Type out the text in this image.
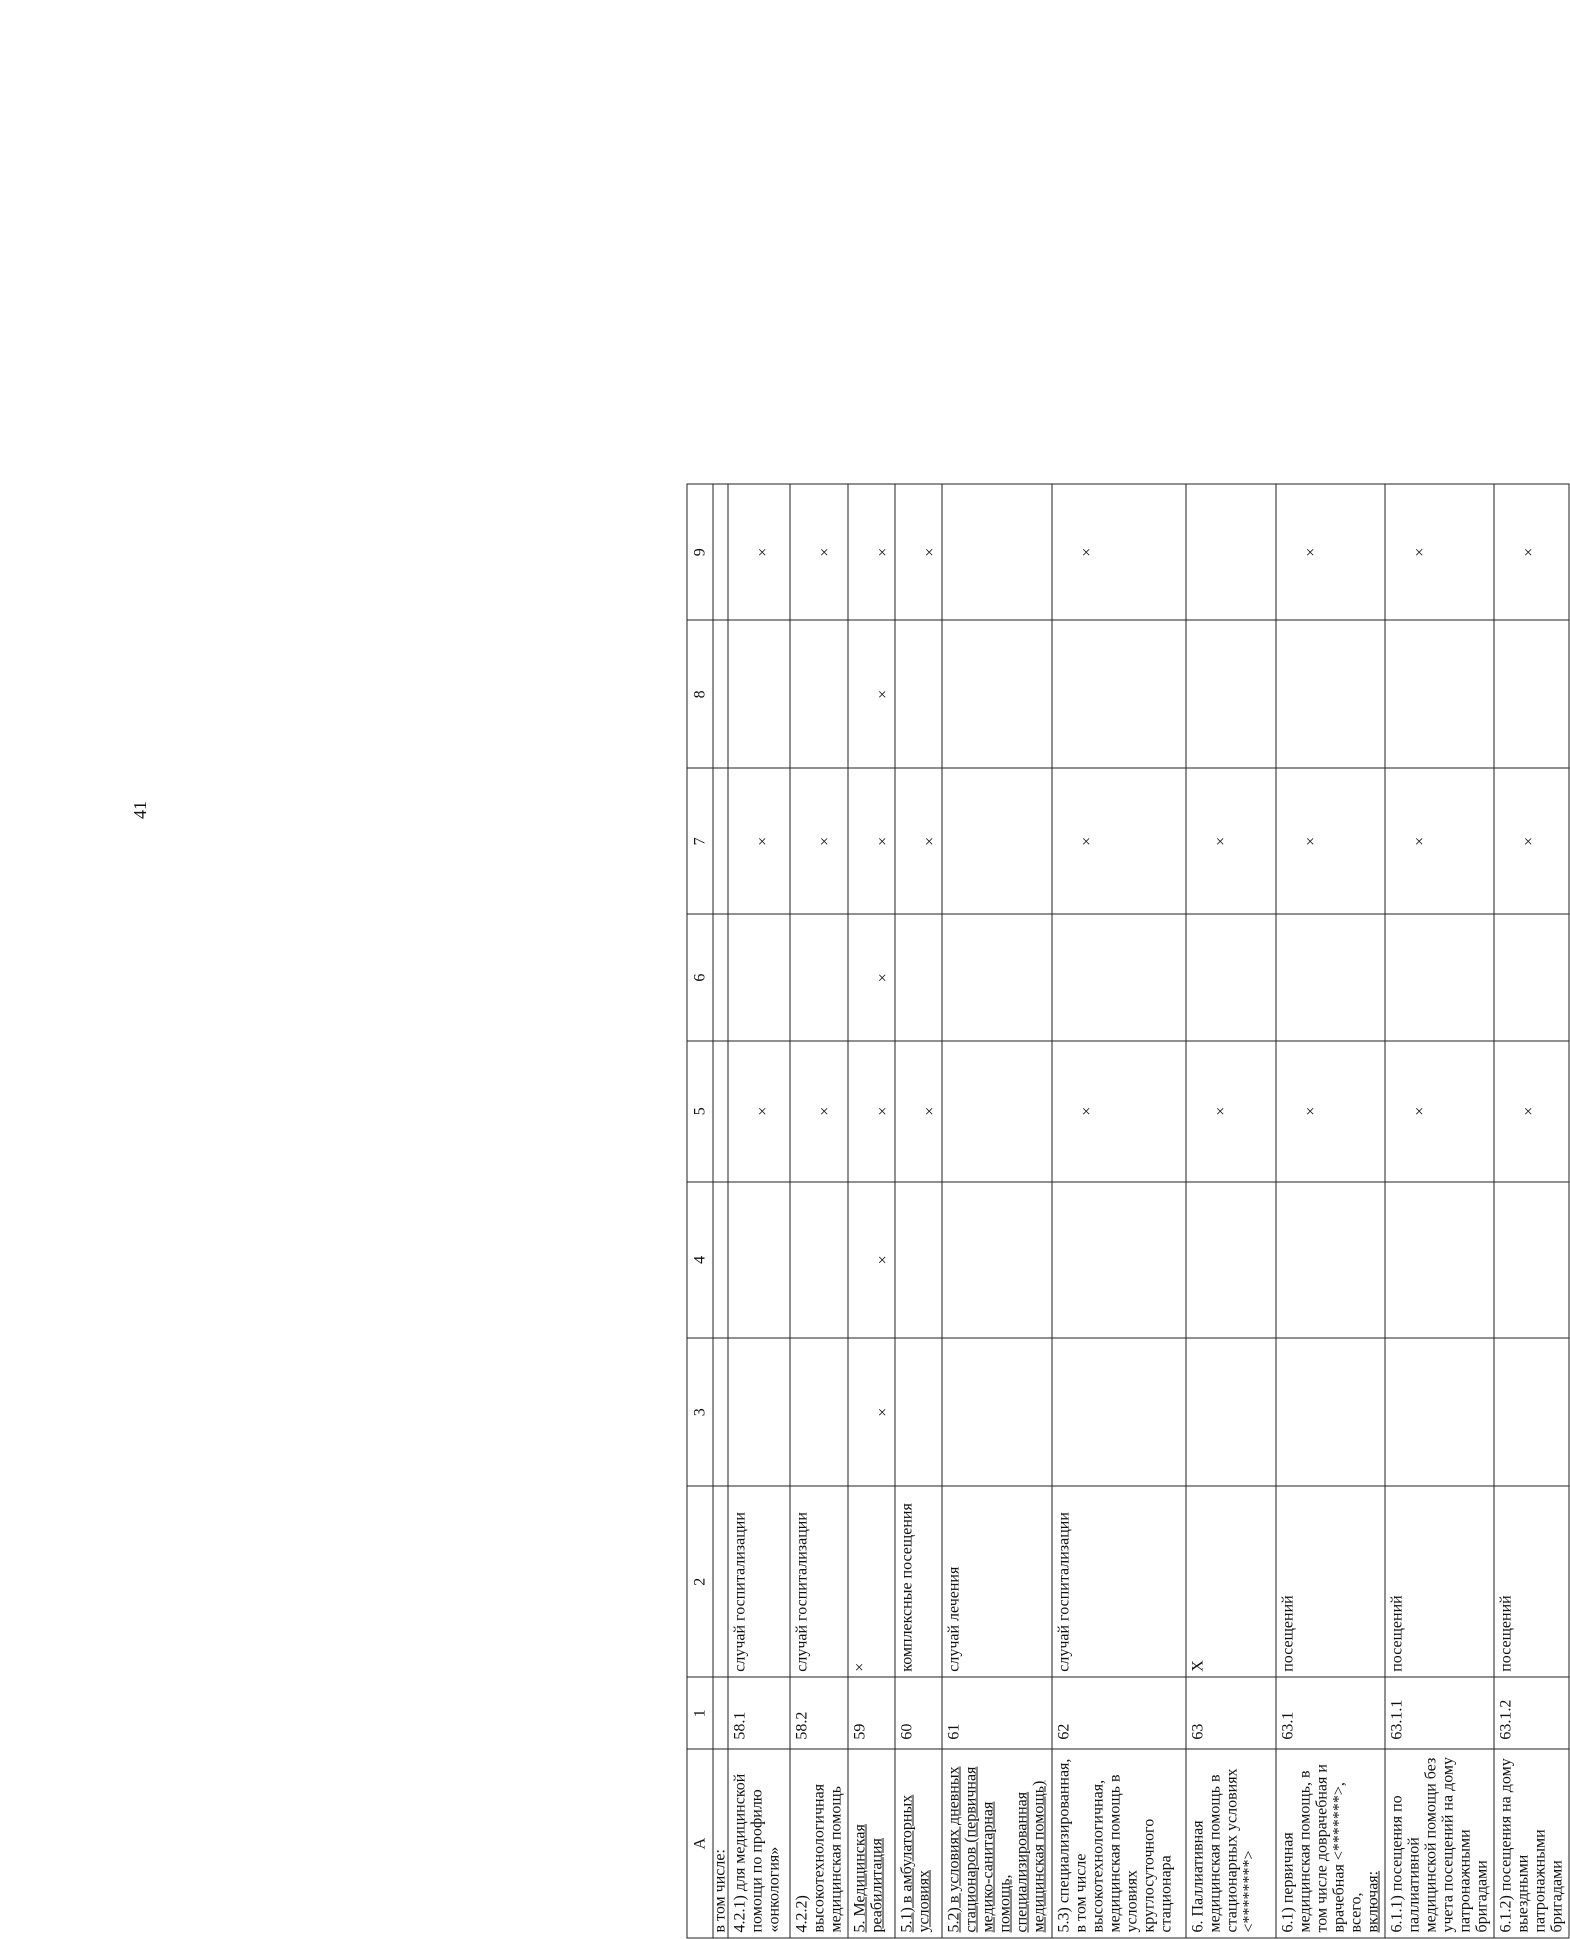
41
А	1	2	3	4	5	6	7	8	9
в том числе:									
4.2.1) для медицинской помощи по профилю «онкология»	58.1	случай госпитализации			×		×		×
4.2.2) высокотехнологичная медицинская помощь	58.2	случай госпитализации			×		×		×
5. Медицинская реабилитация	59	×	×	×	×	×	×	×	×
5.1) в амбулаторных условиях	60	комплексные посещения			×		×		×
5.2) в условиях дневных стационаров (первичная медико-санитарная помощь, специализированная медицинская помощь)	61	случай лечения							
5.3) специализированная, в том числе высокотехнологичная, медицинская помощь в условиях круглосуточного стационара	62	случай госпитализации			×		×		×
6. Паллиативная медицинская помощь в стационарных условиях <********>	63	Х			×		×		
6.1) первичная медицинская помощь, в том числе доврачебная и врачебная <*******>, всего,
включая:	63.1	посещений			×		×		×
6.1.1) посещения по паллиативной медицинской помощи без учета посещений на дому патронажными бригадами	63.1.1	посещений			×		×		×
6.1.2) посещения на дому выездными патронажными бригадами	63.1.2	посещений			×		×		×
